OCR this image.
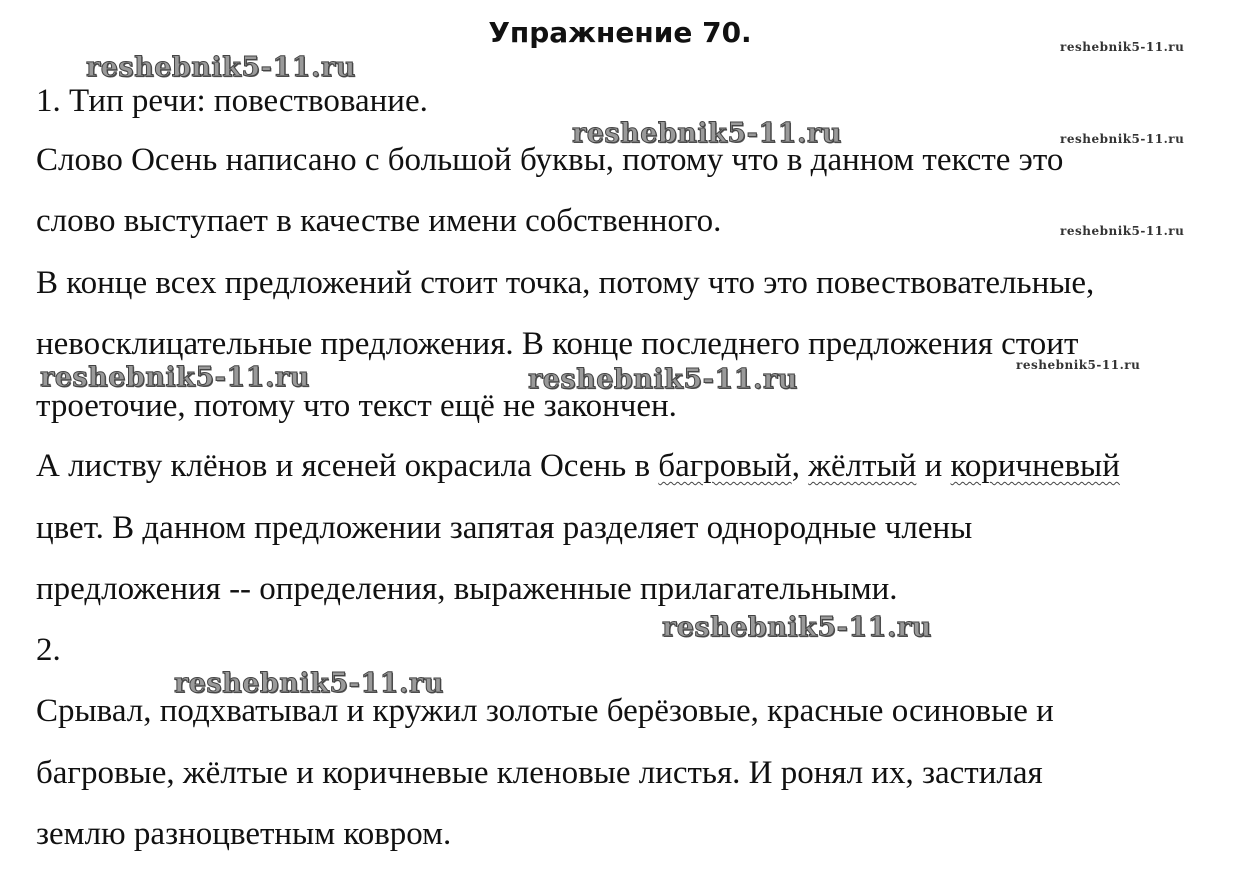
Упражнение 70.
1. Тип речи: повествование.
Слово Осень написано с большой буквы, потому что в данном тексте это
слово выступает в качестве имени собственного.
В конце всех предложений стоит точка, потому что это повествовательные,
невосклицательные предложения. В конце последнего предложения стоит
троеточие, потому что текст ещё не закончен.
А листву клёнов и ясеней окрасила Осень в багровый, жёлтый и коричневый
цвет. В данном предложении запятая разделяет однородные члены
предложения -- определения, выраженные прилагательными.
2.
Срывал, подхватывал и кружил золотые берёзовые, красные осиновые и
багровые, жёлтые и коричневые кленовые листья. И ронял их, застилая
землю разноцветным ковром.
reshebnik5-11.ru
reshebnik5-11.ru
reshebnik5-11.ru	reshebnik5-11.ru
reshebnik5-11.ru
reshebnik5-11.ru
reshebnik5-11.ru
reshebnik5-11.ru
reshebnik5-11.ru
reshebnik5-11.ru
